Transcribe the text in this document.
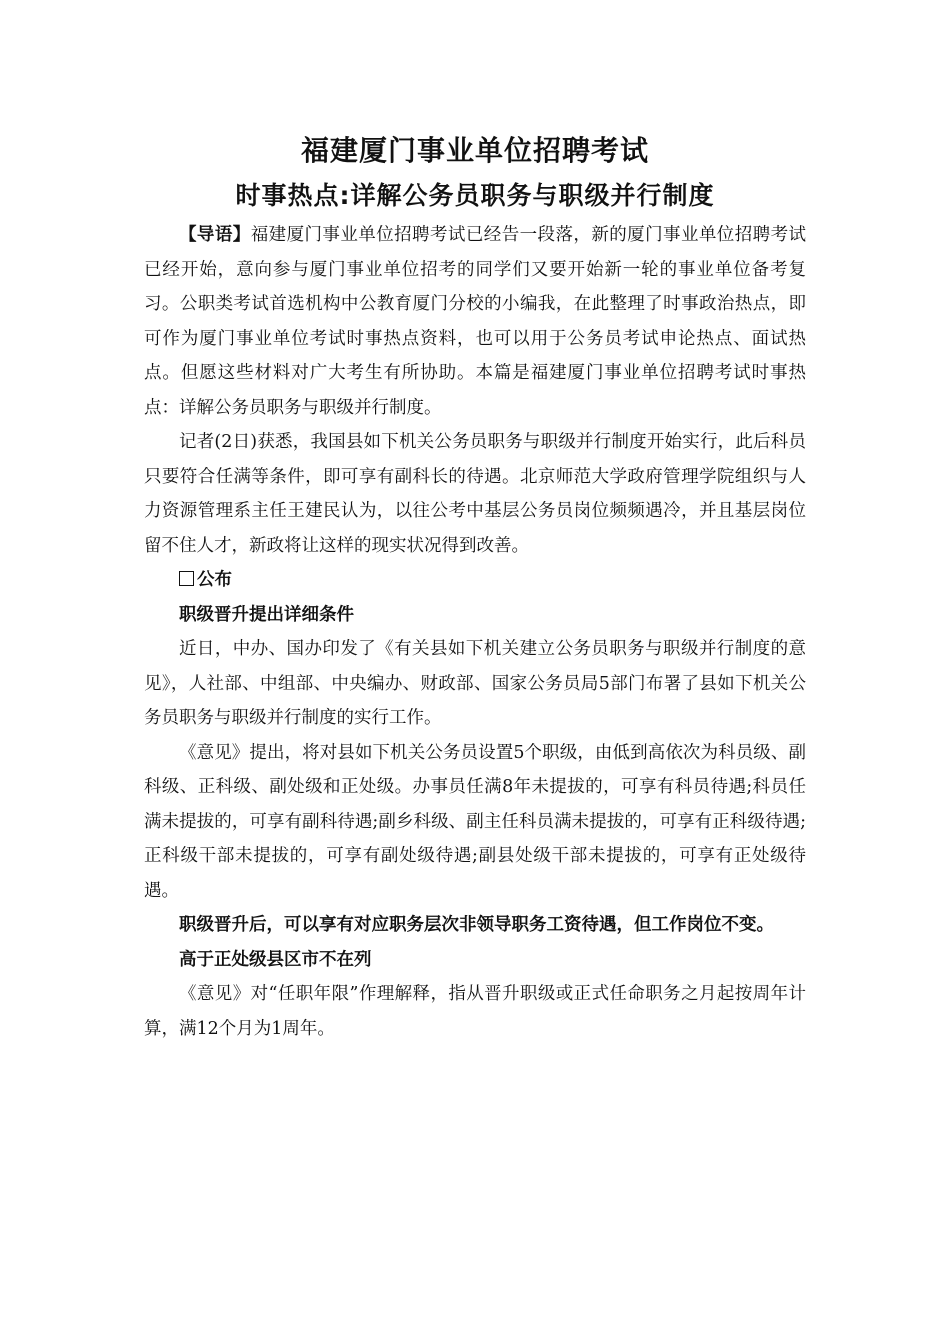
福建厦门事业单位招聘考试
时事热点:详解公务员职务与职级并行制度

【导语】福建厦门事业单位招聘考试已经告一段落，新的厦门事业单位招聘考试已经开始，意向参与厦门事业单位招考的同学们又要开始新一轮的事业单位备考复习。公职类考试首选机构中公教育厦门分校的小编我，在此整理了时事政治热点，即可作为厦门事业单位考试时事热点资料，也可以用于公务员考试申论热点、面试热点。但愿这些材料对广大考生有所协助。本篇是福建厦门事业单位招聘考试时事热点：详解公务员职务与职级并行制度。

记者(2日)获悉，我国县如下机关公务员职务与职级并行制度开始实行，此后科员只要符合任满等条件，即可享有副科长的待遇。北京师范大学政府管理学院组织与人力资源管理系主任王建民认为，以往公考中基层公务员岗位频频遇冷，并且基层岗位留不住人才，新政将让这样的现实状况得到改善。

公布

职级晋升提出详细条件

近日，中办、国办印发了《有关县如下机关建立公务员职务与职级并行制度的意见》，人社部、中组部、中央编办、财政部、国家公务员局5部门布署了县如下机关公务员职务与职级并行制度的实行工作。

《意见》提出，将对县如下机关公务员设置5个职级，由低到高依次为科员级、副科级、正科级、副处级和正处级。办事员任满8年未提拔的，可享有科员待遇;科员任满未提拔的，可享有副科待遇;副乡科级、副主任科员满未提拔的，可享有正科级待遇;正科级干部未提拔的，可享有副处级待遇;副县处级干部未提拔的，可享有正处级待遇。

职级晋升后，可以享有对应职务层次非领导职务工资待遇，但工作岗位不变。

高于正处级县区市不在列

《意见》对“任职年限”作理解释，指从晋升职级或正式任命职务之月起按周年计算，满12个月为1周年。
